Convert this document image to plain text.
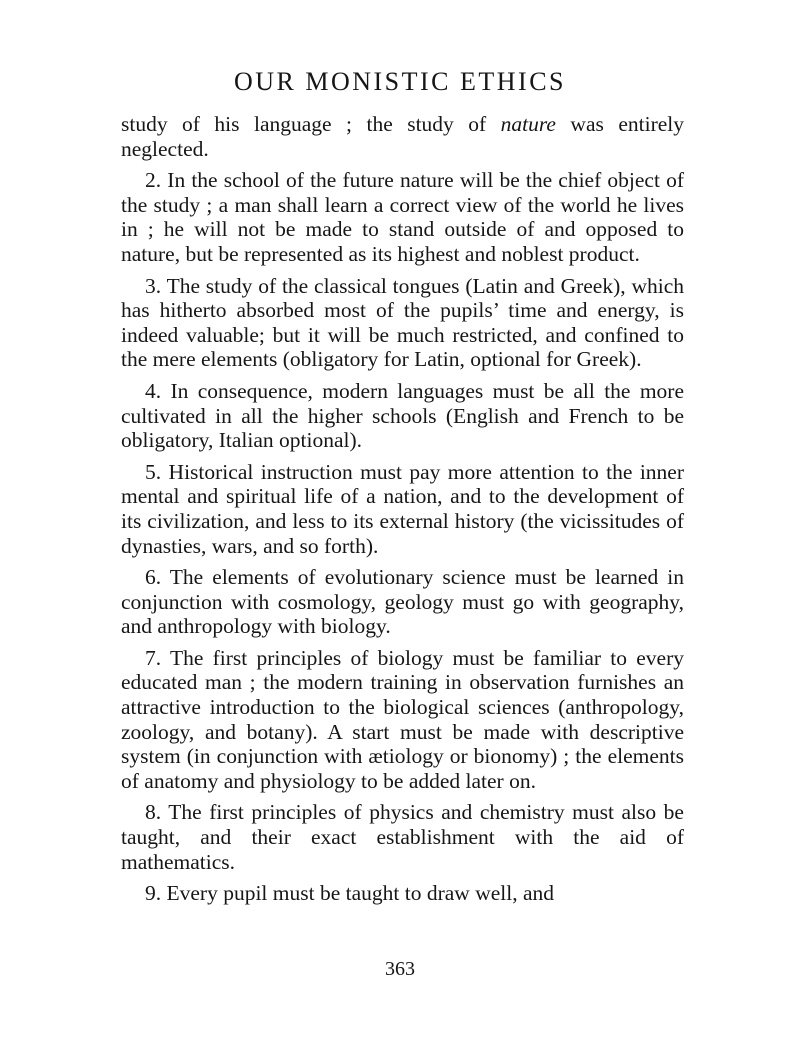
OUR MONISTIC ETHICS

study of his language ; the study of nature was entirely neglected.

2. In the school of the future nature will be the chief object of the study ; a man shall learn a correct view of the world he lives in ; he will not be made to stand outside of and opposed to nature, but be represented as its highest and noblest product.

3. The study of the classical tongues (Latin and Greek), which has hitherto absorbed most of the pupils’ time and energy, is indeed valuable; but it will be much restricted, and confined to the mere elements (obligatory for Latin, optional for Greek).

4. In consequence, modern languages must be all the more cultivated in all the higher schools (English and French to be obligatory, Italian optional).

5. Historical instruction must pay more attention to the inner mental and spiritual life of a nation, and to the development of its civilization, and less to its external history (the vicissitudes of dynasties, wars, and so forth).

6. The elements of evolutionary science must be learned in conjunction with cosmology, geology must go with geography, and anthropology with biology.

7. The first principles of biology must be familiar to every educated man ; the modern training in observation furnishes an attractive introduction to the biological sciences (anthropology, zoology, and botany). A start must be made with descriptive system (in conjunction with ætiology or bionomy) ; the elements of anatomy and physiology to be added later on.

8. The first principles of physics and chemistry must also be taught, and their exact establishment with the aid of mathematics.

9. Every pupil must be taught to draw well, and

363
